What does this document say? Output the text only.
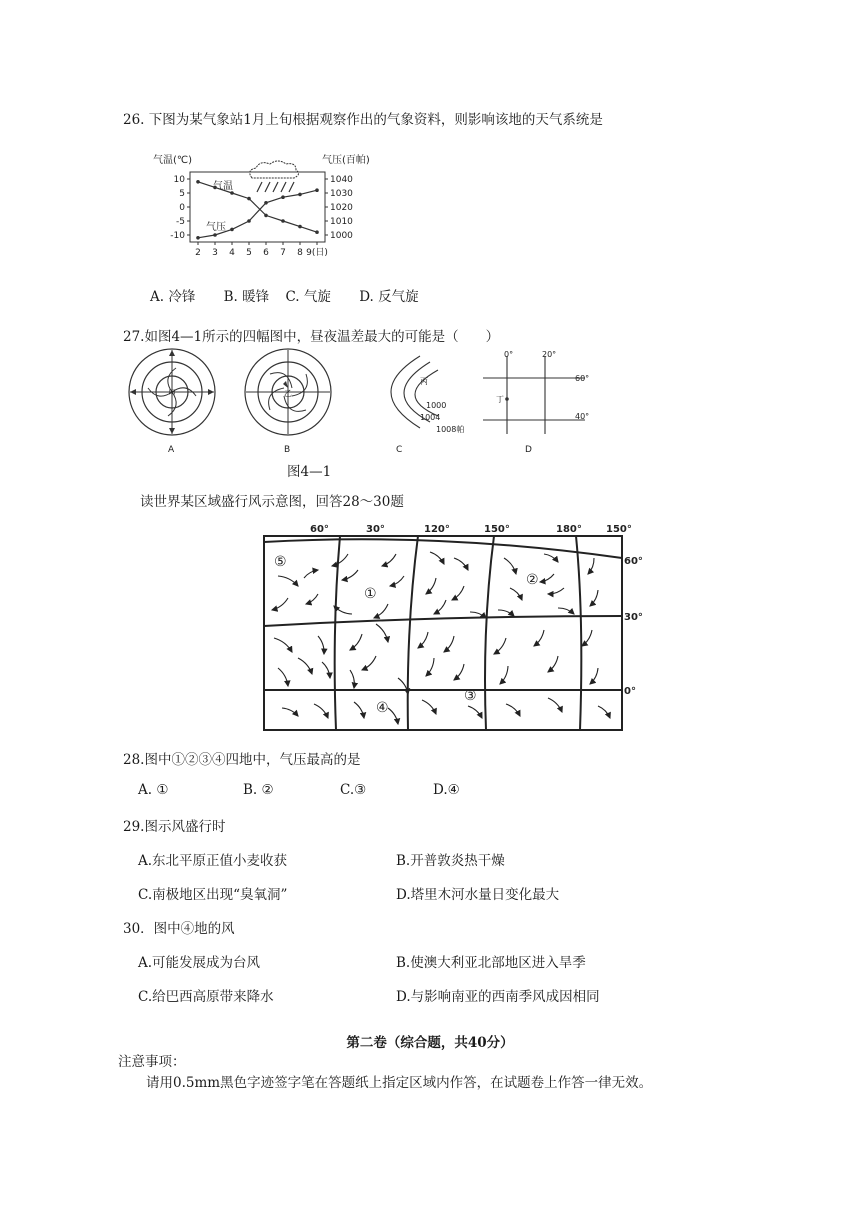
26. 下图为某气象站1月上旬根据观察作出的气象资料，则影响该地的天气系统是
气温(℃)	气压(百帕)
10
5
0
-5
-10
1040
1030
1020
1010
1000
2 3 4 5 6 7 8 9(日)
气温
气压
A. 冷锋 B. 暖锋 C. 气旋 D. 反气旋
27.如图4—1所示的四幅图中，昼夜温差最大的可能是（　　）
甲	乙
丙
1000
1004
1008帕
0°	20°
60°
40°
丁
A	B	C	D
图4—1
读世界某区域盛行风示意图，回答28～30题
60°	30°	120°	150°	180° 150°
60°
30°
0°
⑤
①
②
③
④
28.图中①②③④四地中，气压最高的是
A. ①	B. ②	C.③	D.④
29.图示风盛行时
A.东北平原正值小麦收获	B.开普敦炎热干燥
C.南极地区出现“臭氧洞”	D.塔里木河水量日变化最大
30．图中④地的风
A.可能发展成为台风	B.使澳大利亚北部地区进入旱季
C.给巴西高原带来降水	D.与影响南亚的西南季风成因相同
第二卷（综合题，共40分）
注意事项：
请用0.5mm黑色字迹签字笔在答题纸上指定区域内作答，在试题卷上作答一律无效。
